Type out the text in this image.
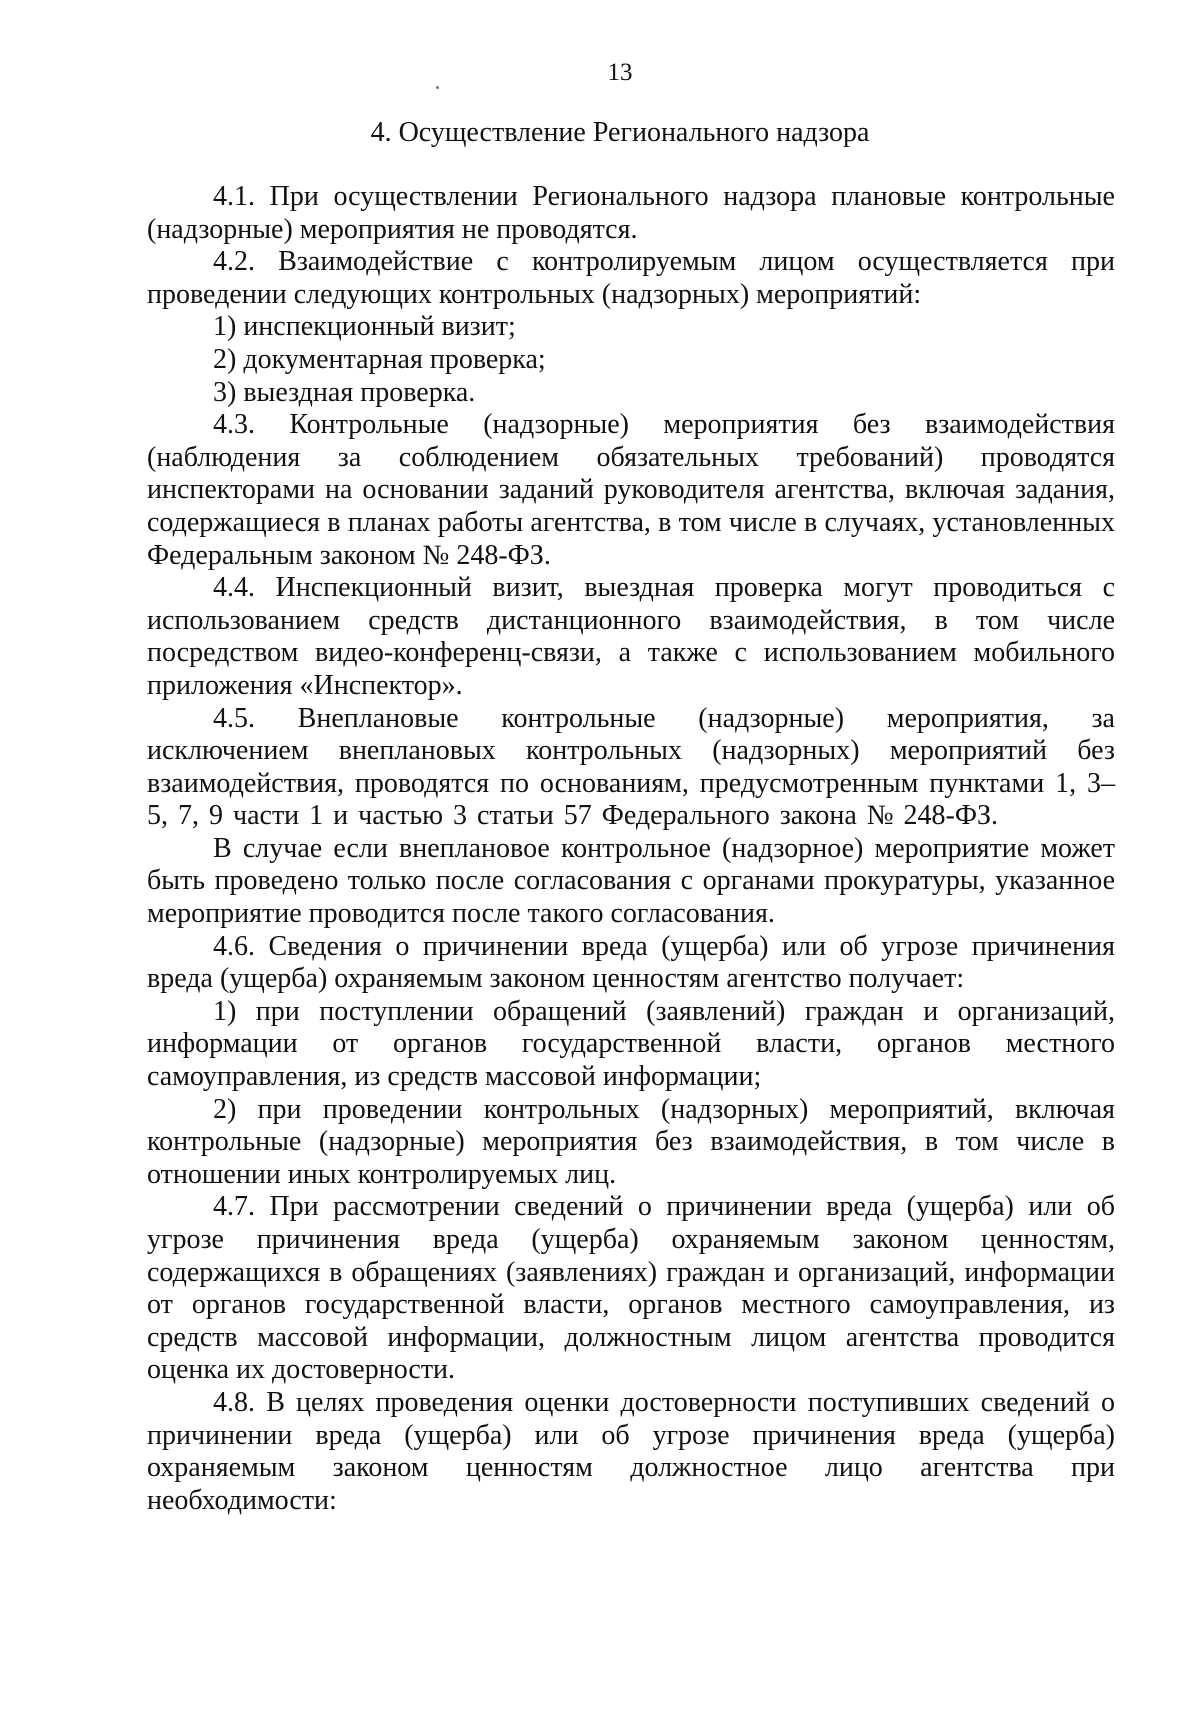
13
4. Осуществление Регионального надзора

4.1. При осуществлении Регионального надзора плановые контрольные (надзорные) мероприятия не проводятся.

4.2. Взаимодействие с контролируемым лицом осуществляется при проведении следующих контрольных (надзорных) мероприятий:

1) инспекционный визит;

2) документарная проверка;

3) выездная проверка.

4.3. Контрольные (надзорные) мероприятия без взаимодействия (наблюдения за соблюдением обязательных требований) проводятся инспекторами на основании заданий руководителя агентства, включая задания, содержащиеся в планах работы агентства, в том числе в случаях, установленных Федеральным законом № 248-ФЗ.

4.4. Инспекционный визит, выездная проверка могут проводиться с использованием средств дистанционного взаимодействия, в том числе посредством видео-конференц-связи, а также с использованием мобильного приложения «Инспектор».

4.5. Внеплановые контрольные (надзорные) мероприятия, за исключением внеплановых контрольных (надзорных) мероприятий без взаимодействия, проводятся по основаниям, предусмотренным пунктами 1, 3–5, 7, 9 части 1 и частью 3 статьи 57 Федерального закона № 248-ФЗ.

В случае если внеплановое контрольное (надзорное) мероприятие может быть проведено только после согласования с органами прокуратуры, указанное мероприятие проводится после такого согласования.

4.6. Сведения о причинении вреда (ущерба) или об угрозе причинения вреда (ущерба) охраняемым законом ценностям агентство получает:

1) при поступлении обращений (заявлений) граждан и организаций, информации от органов государственной власти, органов местного самоуправления, из средств массовой информации;

2) при проведении контрольных (надзорных) мероприятий, включая контрольные (надзорные) мероприятия без взаимодействия, в том числе в отношении иных контролируемых лиц.

4.7. При рассмотрении сведений о причинении вреда (ущерба) или об угрозе причинения вреда (ущерба) охраняемым законом ценностям, содержащихся в обращениях (заявлениях) граждан и организаций, информации от органов государственной власти, органов местного самоуправления, из средств массовой информации, должностным лицом агентства проводится оценка их достоверности.

4.8. В целях проведения оценки достоверности поступивших сведений о причинении вреда (ущерба) или об угрозе причинения вреда (ущерба) охраняемым законом ценностям должностное лицо агентства при необходимости:
